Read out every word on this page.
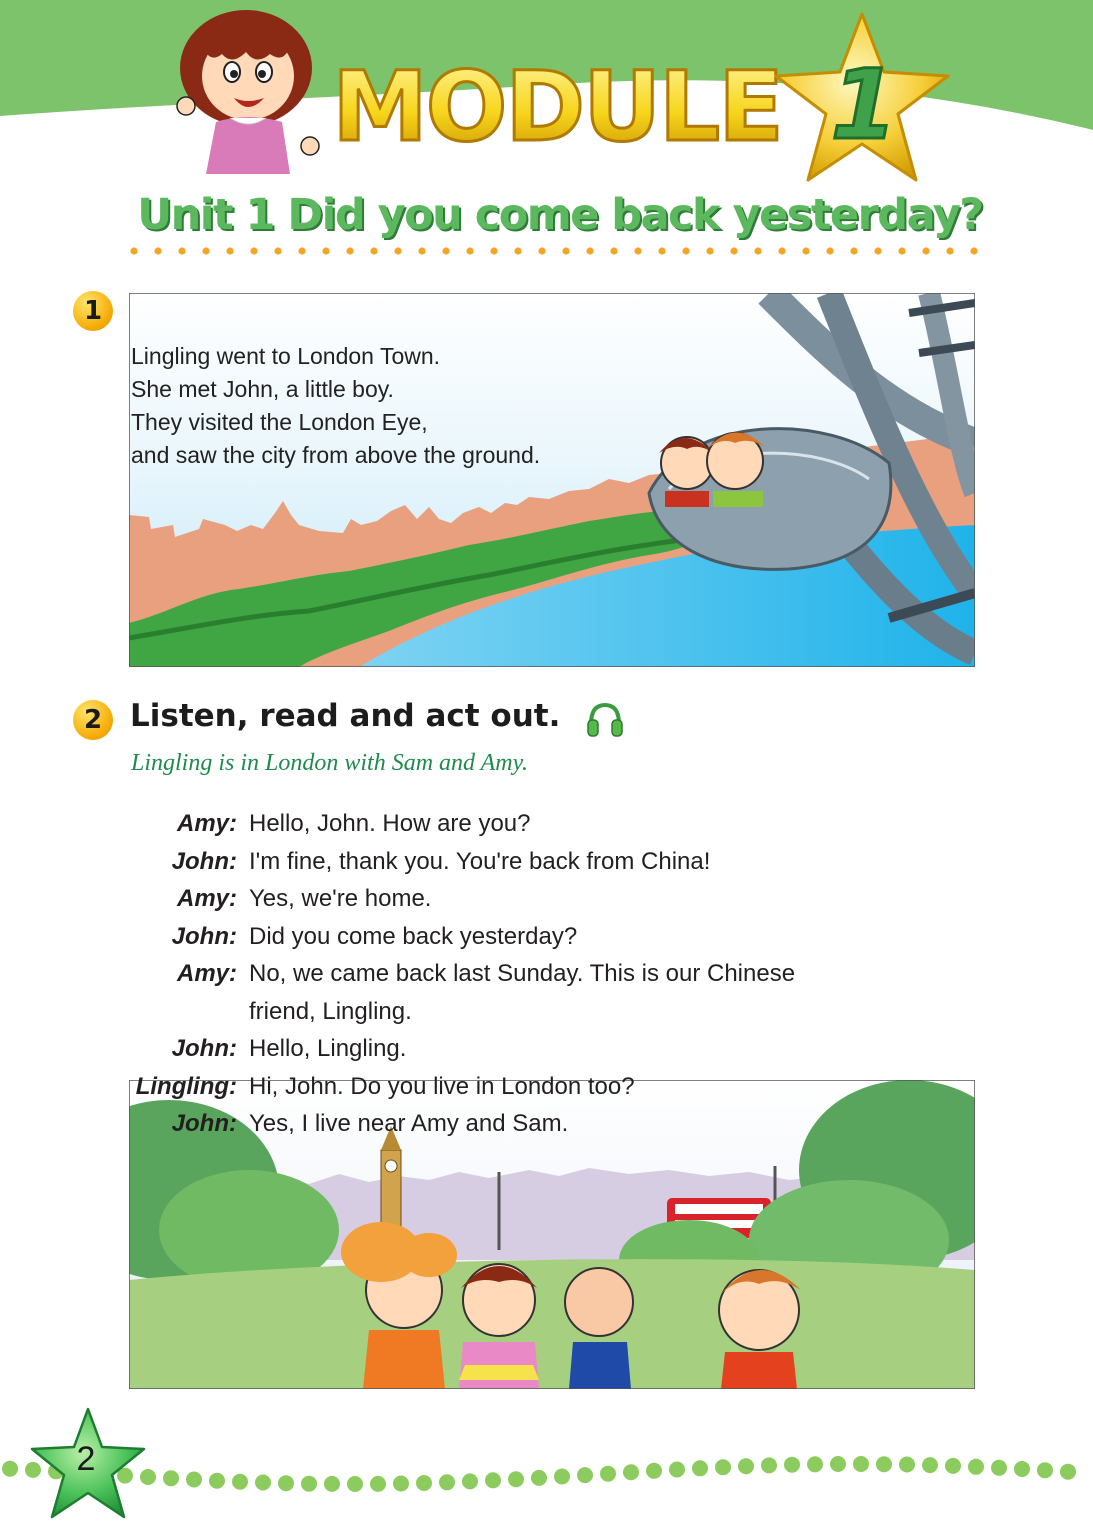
MODULE 1
Unit 1 Did you come back yesterday?
1
Lingling went to London Town.
She met John, a little boy.
They visited the London Eye,
and saw the city from above the ground.
2 Listen, read and act out.
Lingling is in London with Sam and Amy.
Amy: Hello, John. How are you?
John: I'm fine, thank you. You're back from China!
Amy: Yes, we're home.
John: Did you come back yesterday?
Amy: No, we came back last Sunday. This is our Chinese
friend, Lingling.
John: Hello, Lingling.
Lingling: Hi, John. Do you live in London too?
John: Yes, I live near Amy and Sam.
2
